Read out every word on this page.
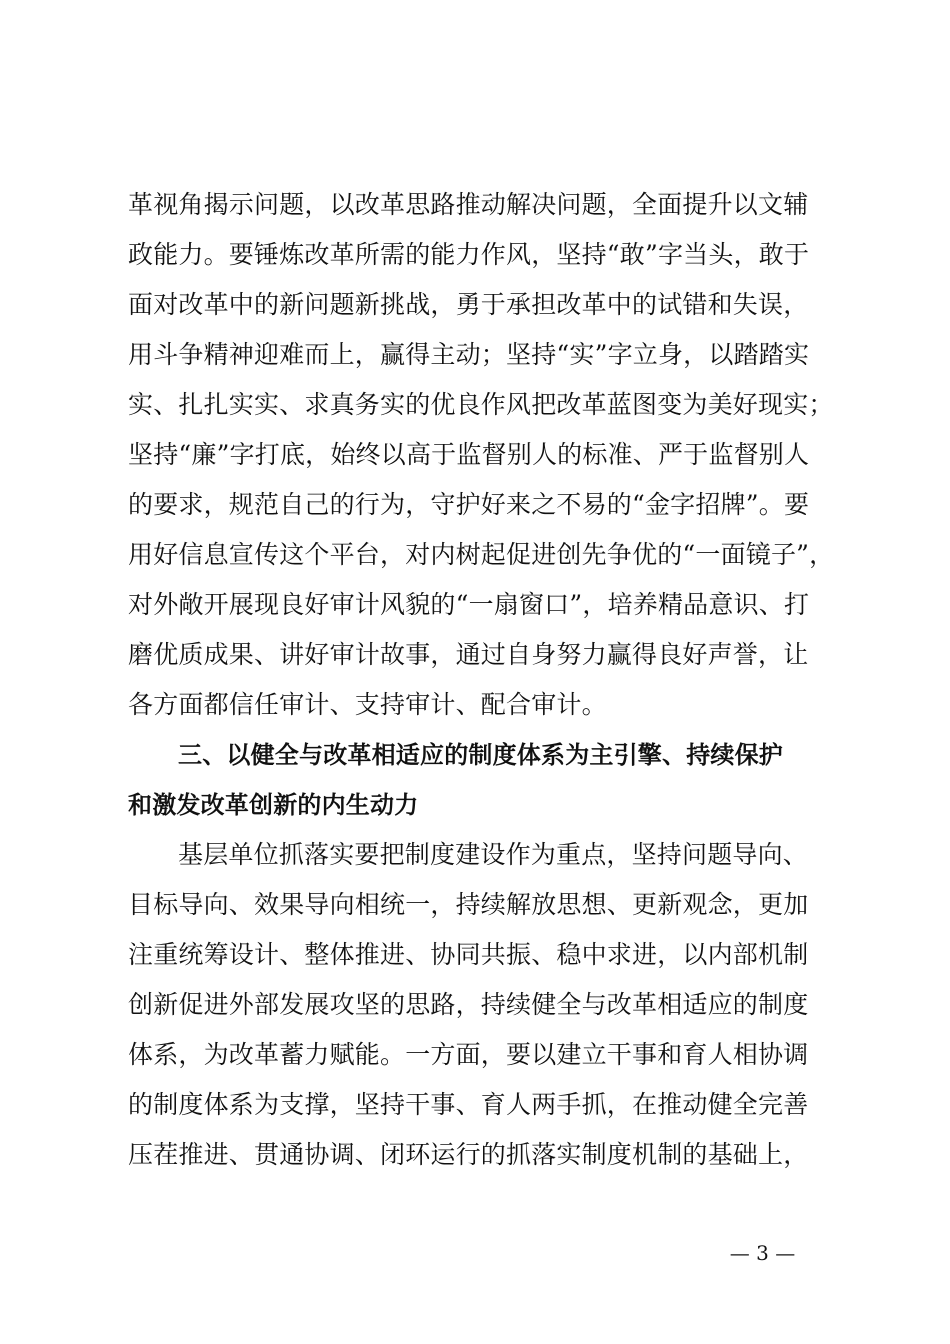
革视角揭示问题，以改革思路推动解决问题，全面提升以文辅
政能力。要锤炼改革所需的能力作风，坚持“敢”字当头，敢于
面对改革中的新问题新挑战，勇于承担改革中的试错和失误，
用斗争精神迎难而上，赢得主动；坚持“实”字立身，以踏踏实
实、扎扎实实、求真务实的优良作风把改革蓝图变为美好现实；
坚持“廉”字打底，始终以高于监督别人的标准、严于监督别人
的要求，规范自己的行为，守护好来之不易的“金字招牌”。要
用好信息宣传这个平台，对内树起促进创先争优的“一面镜子”，
对外敞开展现良好审计风貌的“一扇窗口”，培养精品意识、打
磨优质成果、讲好审计故事，通过自身努力赢得良好声誉，让
各方面都信任审计、支持审计、配合审计。
三、以健全与改革相适应的制度体系为主引擎、持续保护
和激发改革创新的内生动力
基层单位抓落实要把制度建设作为重点，坚持问题导向、
目标导向、效果导向相统一，持续解放思想、更新观念，更加
注重统筹设计、整体推进、协同共振、稳中求进，以内部机制
创新促进外部发展攻坚的思路，持续健全与改革相适应的制度
体系，为改革蓄力赋能。一方面，要以建立干事和育人相协调
的制度体系为支撑，坚持干事、育人两手抓，在推动健全完善
压茬推进、贯通协调、闭环运行的抓落实制度机制的基础上，
— 3 —
